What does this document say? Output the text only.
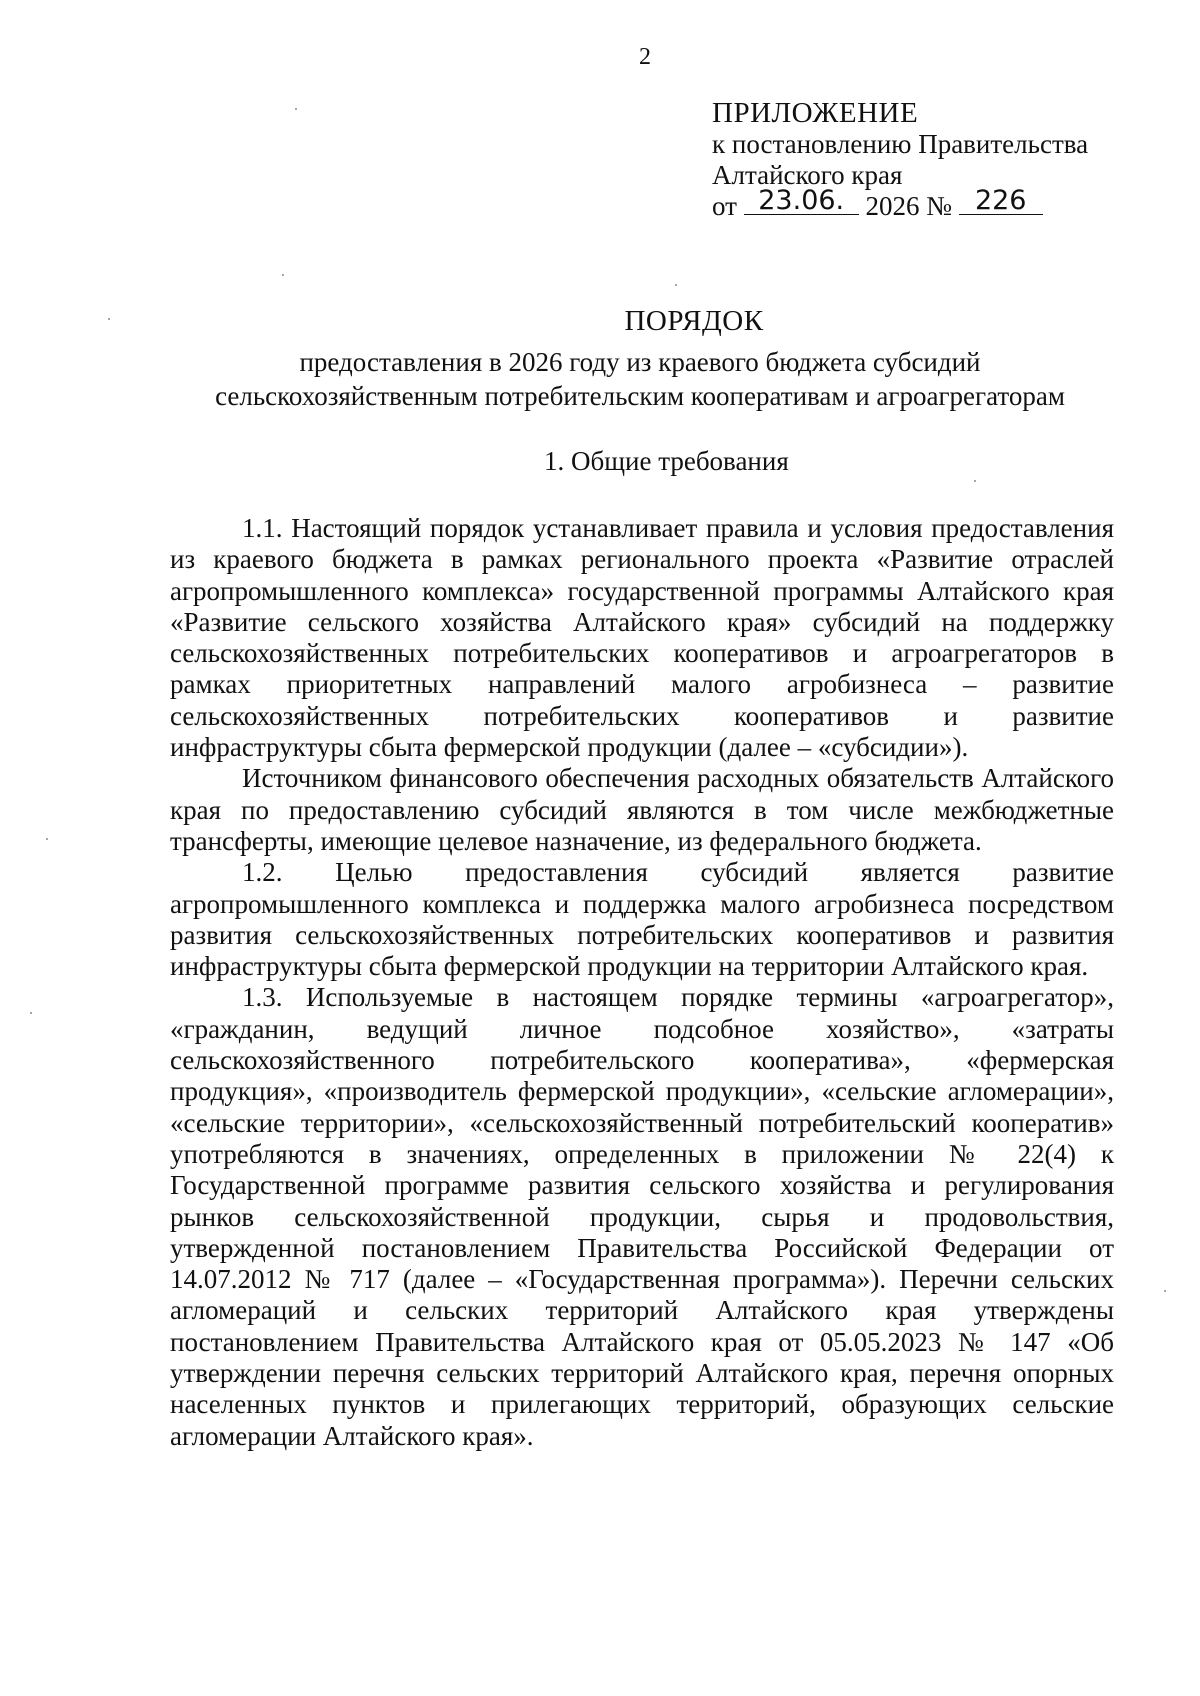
2
ПРИЛОЖЕНИЕ
к постановлению Правительства
Алтайского края
от 23.06. 2026 № 226
ПОРЯДОК
предоставления в 2026 году из краевого бюджета субсидий
сельскохозяйственным потребительским кооперативам и агроагрегаторам
1. Общие требования

1.1. Настоящий порядок устанавливает правила и условия предоставления из краевого бюджета в рамках регионального проекта «Развитие отраслей агропромышленного комплекса» государственной программы Алтайского края «Развитие сельского хозяйства Алтайского края» субсидий на поддержку сельскохозяйственных потребительских кооперативов и агроагрегаторов в рамках приоритетных направлений малого агробизнеса – развитие сельскохозяйственных потребительских кооперативов и развитие инфраструктуры сбыта фермерской продукции (далее – «субсидии»).

Источником финансового обеспечения расходных обязательств Алтайского края по предоставлению субсидий являются в том числе межбюджетные трансферты, имеющие целевое назначение, из федерального бюджета.

1.2. Целью предоставления субсидий является развитие агропромышленного комплекса и поддержка малого агробизнеса посредством развития сельскохозяйственных потребительских кооперативов и развития инфраструктуры сбыта фермерской продукции на территории Алтайского края.

1.3. Используемые в настоящем порядке термины «агроагрегатор», «гражданин, ведущий личное подсобное хозяйство», «затраты сельскохозяйственного потребительского кооператива», «фермерская продукция», «производитель фермерской продукции», «сельские агломерации», «сельские территории», «сельскохозяйственный потребительский кооператив» употребляются в значениях, определенных в приложении № 22(4) к Государственной программе развития сельского хозяйства и регулирования рынков сельскохозяйственной продукции, сырья и продовольствия, утвержденной постановлением Правительства Российской Федерации от 14.07.2012 № 717 (далее – «Государственная программа»). Перечни сельских агломераций и сельских территорий Алтайского края утверждены постановлением Правительства Алтайского края от 05.05.2023 № 147 «Об утверждении перечня сельских территорий Алтайского края, перечня опорных населенных пунктов и прилегающих территорий, образующих сельские агломерации Алтайского края».
